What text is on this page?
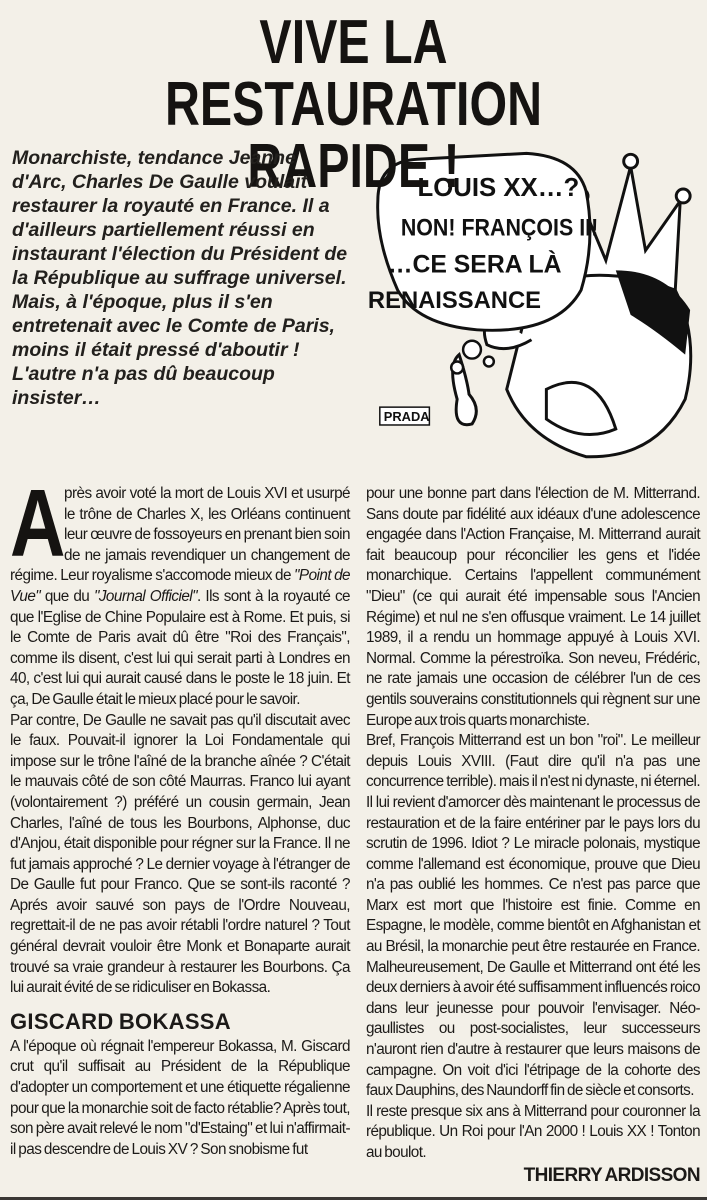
VIVE LA
RESTAURATION RAPIDE !
Monarchiste, tendance Jeanne d'Arc, Charles De Gaulle voulait restaurer la royauté en France. Il a d'ailleurs partiellement réussi en instaurant l'élection du Président de la République au suffrage universel. Mais, à l'époque, plus il s'en entretenait avec le Comte de Paris, moins il était pressé d'aboutir ! L'autre n'a pas dû beaucoup insister…
LOUIS XX…?
NON! FRANÇOIS II!
…CE SERA LÀ
RENAISSANCE
PRADA

A
près avoir voté la mort de Louis XVI et usurpé le trône de Charles X, les Orléans continuent leur œuvre de fossoyeurs en prenant bien soin de ne jamais revendiquer un changement de régime. Leur royalisme s'accomode mieux de "Point de Vue" que du "Journal Officiel". Ils sont à la royauté ce que l'Eglise de Chine Populaire est à Rome. Et puis, si le Comte de Paris avait dû être "Roi des Français", comme ils disent, c'est lui qui serait parti à Londres en 40, c'est lui qui aurait causé dans le poste le 18 juin. Et ça, De Gaulle était le mieux placé pour le savoir.

Par contre, De Gaulle ne savait pas qu'il discutait avec le faux. Pouvait-il ignorer la Loi Fondamentale qui impose sur le trône l'aîné de la branche aînée ? C'était le mauvais côté de son côté Maurras. Franco lui ayant (volontairement ?) préféré un cousin germain, Jean Charles, l'aîné de tous les Bourbons, Alphonse, duc d'Anjou, était disponible pour régner sur la France. Il ne fut jamais approché ? Le dernier voyage à l'étranger de De Gaulle fut pour Franco. Que se sont-ils raconté ? Aprés avoir sauvé son pays de l'Ordre Nouveau, regrettait-il de ne pas avoir rétabli l'ordre naturel ? Tout général devrait vouloir être Monk et Bonaparte aurait trouvé sa vraie grandeur à restaurer les Bourbons. Ça lui aurait évité de se ridiculiser en Bokassa.

GISCARD BOKASSA

A l'époque où régnait l'empereur Bokassa, M. Giscard crut qu'il suffisait au Président de la République d'adopter un comportement et une étiquette régalienne pour que la monarchie soit de facto rétablie? Après tout, son père avait relevé le nom "d'Estaing" et lui n'affirmait-il pas descendre de Louis XV ? Son snobisme fut

pour une bonne part dans l'élection de M. Mitterrand. Sans doute par fidélité aux idéaux d'une adolescence engagée dans l'Action Française, M. Mitterrand aurait fait beaucoup pour réconcilier les gens et l'idée monarchique. Certains l'appellent communément "Dieu" (ce qui aurait été impensable sous l'Ancien Régime) et nul ne s'en offusque vraiment. Le 14 juillet 1989, il a rendu un hommage appuyé à Louis XVI. Normal. Comme la pérestroïka. Son neveu, Frédéric, ne rate jamais une occasion de célébrer l'un de ces gentils souverains constitutionnels qui règnent sur une Europe aux trois quarts monarchiste.

Bref, François Mitterrand est un bon "roi". Le meilleur depuis Louis XVIII. (Faut dire qu'il n'a pas une concurrence terrible). mais il n'est ni dynaste, ni éternel. Il lui revient d'amorcer dès maintenant le processus de restauration et de la faire entériner par le pays lors du scrutin de 1996. Idiot ? Le miracle polonais, mystique comme l'allemand est économique, prouve que Dieu n'a pas oublié les hommes. Ce n'est pas parce que Marx est mort que l'histoire est finie. Comme en Espagne, le modèle, comme bientôt en Afghanistan et au Brésil, la monarchie peut être restaurée en France. Malheureusement, De Gaulle et Mitterrand ont été les deux derniers à avoir été suffisamment influencés roico dans leur jeunesse pour pouvoir l'envisager. Néo-gaullistes ou post-socialistes, leur successeurs n'auront rien d'autre à restaurer que leurs maisons de campagne. On voit d'ici l'étripage de la cohorte des faux Dauphins, des Naundorff fin de siècle et consorts.

Il reste presque six ans à Mitterrand pour couronner la république. Un Roi pour l'An 2000 ! Louis XX ! Tonton au boulot.

THIERRY ARDISSON
